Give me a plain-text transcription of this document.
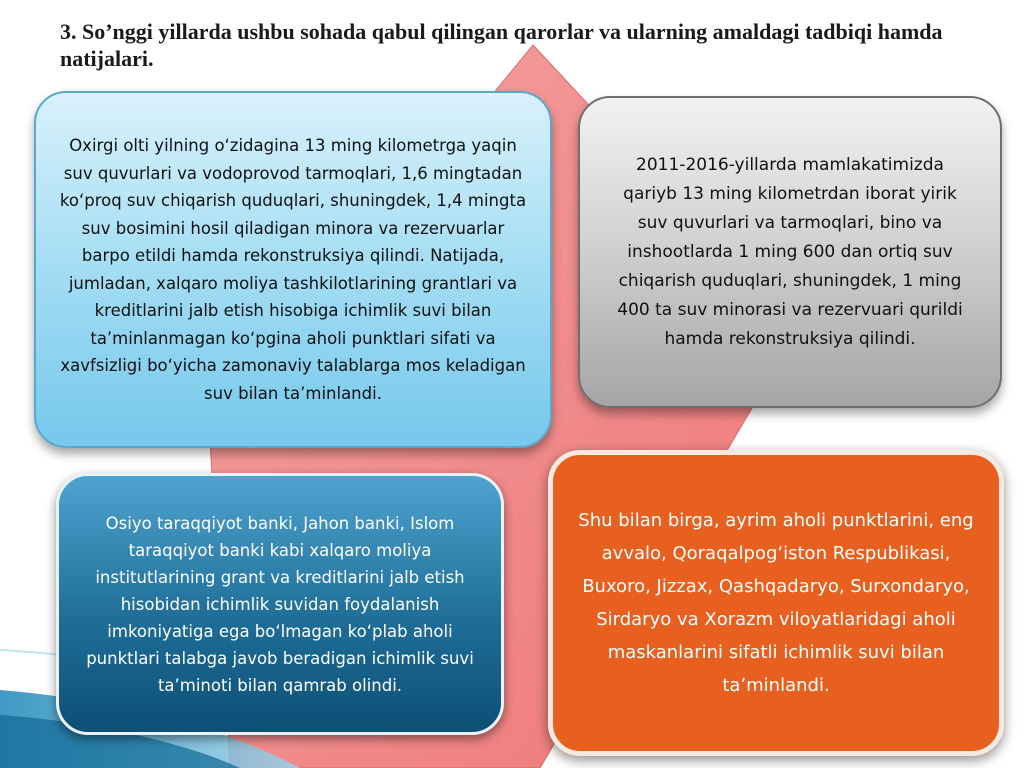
3. So’nggi yillarda ushbu sohada qabul qilingan qarorlar va ularning amaldagi tadbiqi hamda natijalari.

Oxirgi olti yilning o‘zidagina 13 ming kilometrga yaqin suv quvurlari va vodoprovod tarmoqlari, 1,6 mingtadan ko‘proq suv chiqarish quduqlari, shuningdek, 1,4 mingta suv bosimini hosil qiladigan minora va rezervuarlar barpo etildi hamda rekonstruksiya qilindi. Natijada, jumladan, xalqaro moliya tashkilotlarining grantlari va kreditlarini jalb etish hisobiga ichimlik suvi bilan ta’minlanmagan ko‘pgina aholi punktlari sifati va xavfsizligi bo‘yicha zamonaviy talablarga mos keladigan suv bilan ta’minlandi.

2011-2016-yillarda mamlakatimizda qariyb 13 ming kilometrdan iborat yirik suv quvurlari va tarmoqlari, bino va inshootlarda 1 ming 600 dan ortiq suv chiqarish quduqlari, shuningdek, 1 ming 400 ta suv minorasi va rezervuari qurildi hamda rekonstruksiya qilindi.

Osiyo taraqqiyot banki, Jahon banki, Islom taraqqiyot banki kabi xalqaro moliya institutlarining grant va kreditlarini jalb etish hisobidan ichimlik suvidan foydalanish imkoniyatiga ega bo‘lmagan ko‘plab aholi punktlari talabga javob beradigan ichimlik suvi ta’minoti bilan qamrab olindi.

Shu bilan birga, ayrim aholi punktlarini, eng avvalo, Qoraqalpog‘iston Respublikasi, Buxoro, Jizzax, Qashqadaryo, Surxondaryo, Sirdaryo va Xorazm viloyatlaridagi aholi maskanlarini sifatli ichimlik suvi bilan ta’minlandi.
